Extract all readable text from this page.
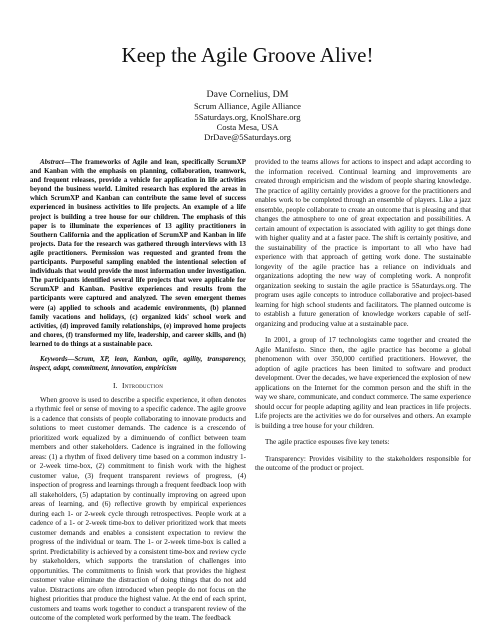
Keep the Agile Groove Alive!
Dave Cornelius, DM
Scrum Alliance, Agile Alliance
5Saturdays.org, KnolShare.org
Costa Mesa, USA
DrDave@5Saturdays.org

Abstract—The frameworks of Agile and lean, specifically ScrumXP and Kanban with the emphasis on planning, collaboration, teamwork, and frequent releases, provide a vehicle for application in life activities beyond the business world. Limited research has explored the areas in which ScrumXP and Kanban can contribute the same level of success experienced in business activities to life projects. An example of a life project is building a tree house for our children. The emphasis of this paper is to illuminate the experiences of 13 agility practitioners in Southern California and the application of ScrumXP and Kanban in life projects. Data for the research was gathered through interviews with 13 agile practitioners. Permission was requested and granted from the participants. Purposeful sampling enabled the intentional selection of individuals that would provide the most information under investigation. The participants identified several life projects that were applicable for ScrumXP and Kanban. Positive experiences and results from the participants were captured and analyzed. The seven emergent themes were (a) applied to schools and academic environments, (b) planned family vacations and holidays, (c) organized kids' school work and activities, (d) improved family relationships, (e) improved home projects and chores, (f) transformed my life, leadership, and career skills, and (h) learned to do things at a sustainable pace.

Keywords—Scrum, XP, lean, Kanban, agile, agility, transparency, inspect, adapt, commitment, innovation, empiricism

I. Introduction

When groove is used to describe a specific experience, it often denotes a rhythmic feel or sense of moving to a specific cadence. The agile groove is a cadence that consists of people collaborating to innovate products and solutions to meet customer demands. The cadence is a crescendo of prioritized work equalized by a diminuendo of conflict between team members and other stakeholders. Cadence is ingrained in the following areas: (1) a rhythm of fixed delivery time based on a common industry 1- or 2-week time-box, (2) commitment to finish work with the highest customer value, (3) frequent transparent reviews of progress, (4) inspection of progress and learnings through a frequent feedback loop with all stakeholders, (5) adaptation by continually improving on agreed upon areas of learning, and (6) reflective growth by empirical experiences during each 1- or 2-week cycle through retrospectives. People work at a cadence of a 1- or 2-week time-box to deliver prioritized work that meets customer demands and enables a consistent expectation to review the progress of the individual or team. The 1- or 2-week time-box is called a sprint. Predictability is achieved by a consistent time-box and review cycle by stakeholders, which supports the translation of challenges into opportunities. The commitments to finish work that provides the highest customer value eliminate the distraction of doing things that do not add value. Distractions are often introduced when people do not focus on the highest priorities that produce the highest value. At the end of each sprint, customers and teams work together to conduct a transparent review of the outcome of the completed work performed by the team. The feedback

provided to the teams allows for actions to inspect and adapt according to the information received. Continual learning and improvements are created through empiricism and the wisdom of people sharing knowledge. The practice of agility certainly provides a groove for the practitioners and enables work to be completed through an ensemble of players. Like a jazz ensemble, people collaborate to create an outcome that is pleasing and that changes the atmosphere to one of great expectation and possibilities. A certain amount of expectation is associated with agility to get things done with higher quality and at a faster pace. The shift is certainly positive, and the sustainability of the practice is important to all who have had experience with that approach of getting work done. The sustainable longevity of the agile practice has a reliance on individuals and organizations adopting the new way of completing work. A nonprofit organization seeking to sustain the agile practice is 5Saturdays.org. The program uses agile concepts to introduce collaborative and project-based learning for high school students and facilitators. The planned outcome is to establish a future generation of knowledge workers capable of self-organizing and producing value at a sustainable pace.

In 2001, a group of 17 technologists came together and created the Agile Manifesto. Since then, the agile practice has become a global phenomenon with over 350,000 certified practitioners. However, the adoption of agile practices has been limited to software and product development. Over the decades, we have experienced the explosion of new applications on the Internet for the common person and the shift in the way we share, communicate, and conduct commerce. The same experience should occur for people adapting agility and lean practices in life projects. Life projects are the activities we do for ourselves and others. An example is building a tree house for your children.

The agile practice espouses five key tenets:

Transparency: Provides visibility to the stakeholders responsible for the outcome of the product or project.
